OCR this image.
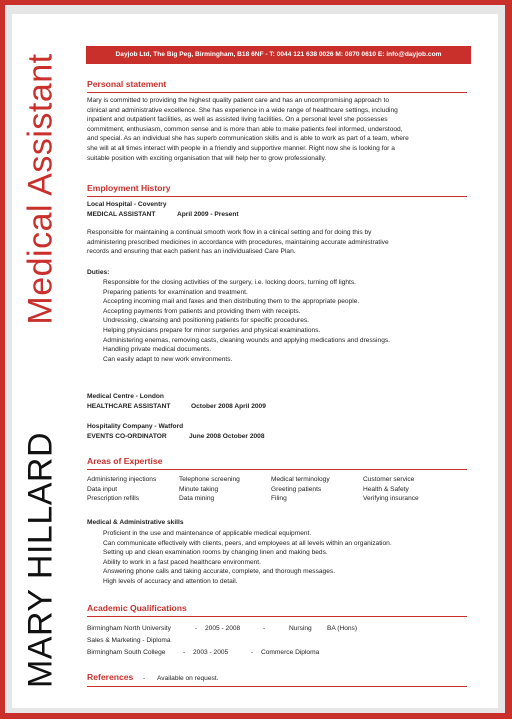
Medical Assistant
MARY HILLARD
Dayjob Ltd, The Big Peg, Birmingham, B18 6NF - T: 0044 121 638 0026 M: 0870 0610 E: info@dayjob.com
Personal statement
Mary is committed to providing the highest quality patient care and has an uncompromising approach to
clinical and administrative excellence. She has experience in a wide range of healthcare settings, including
inpatient and outpatient facilities, as well as assisted living facilities. On a personal level she possesses
commitment, enthusiasm, common sense and is more than able to make patients feel informed, understood,
and special. As an individual she has superb communication skills and is able to work as part of a team, where
she will at all times interact with people in a friendly and supportive manner. Right now she is looking for a
suitable position with exciting organisation that will help her to grow professionally.
Employment History
Local Hospital - Coventry
MEDICAL ASSISTANT	April 2009 - Present
Responsible for maintaining a continual smooth work flow in a clinical setting and for doing this by
administering prescribed medicines in accordance with procedures, maintaining accurate administrative
records and ensuring that each patient has an individualised Care Plan.
Duties:
Responsible for the closing activities of the surgery, i.e. locking doors, turning off lights.
Preparing patients for examination and treatment.
Accepting incoming mail and faxes and then distributing them to the appropriate people.
Accepting payments from patients and providing them with receipts.
Undressing, cleansing and positioning patients for specific procedures.
Helping physicians prepare for minor surgeries and physical examinations.
Administering enemas, removing casts, cleaning wounds and applying medications and dressings.
Handling private medical documents.
Can easily adapt to new work environments.
Medical Centre - London
HEALTHCARE ASSISTANT	October 2008 April 2009
Hospitality Company - Watford
EVENTS CO-ORDINATOR	June 2008 October 2008
Areas of Expertise
Administering injections	Telephone screening	Medical terminology	Customer service
Data input	Minute taking	Greeting patients	Health & Safety
Prescription refills	Data mining	Filing	Verifying insurance
Medical & Administrative skills
Proficient in the use and maintenance of applicable medical equipment.
Can communicate effectively with clients, peers, and employees at all levels within an organization.
Setting up and clean examination rooms by changing linen and making beds.
Ability to work in a fast paced healthcare environment.
Answering phone calls and taking accurate, complete, and thorough messages.
High levels of accuracy and attention to detail.
Academic Qualifications
Birmingham North University	- 2005 - 2008	-	Nursing BA (Hons)
Sales & Marketing - Diploma
Birmingham South College	- 2003 - 2005	- Commerce Diploma
References - Available on request.
